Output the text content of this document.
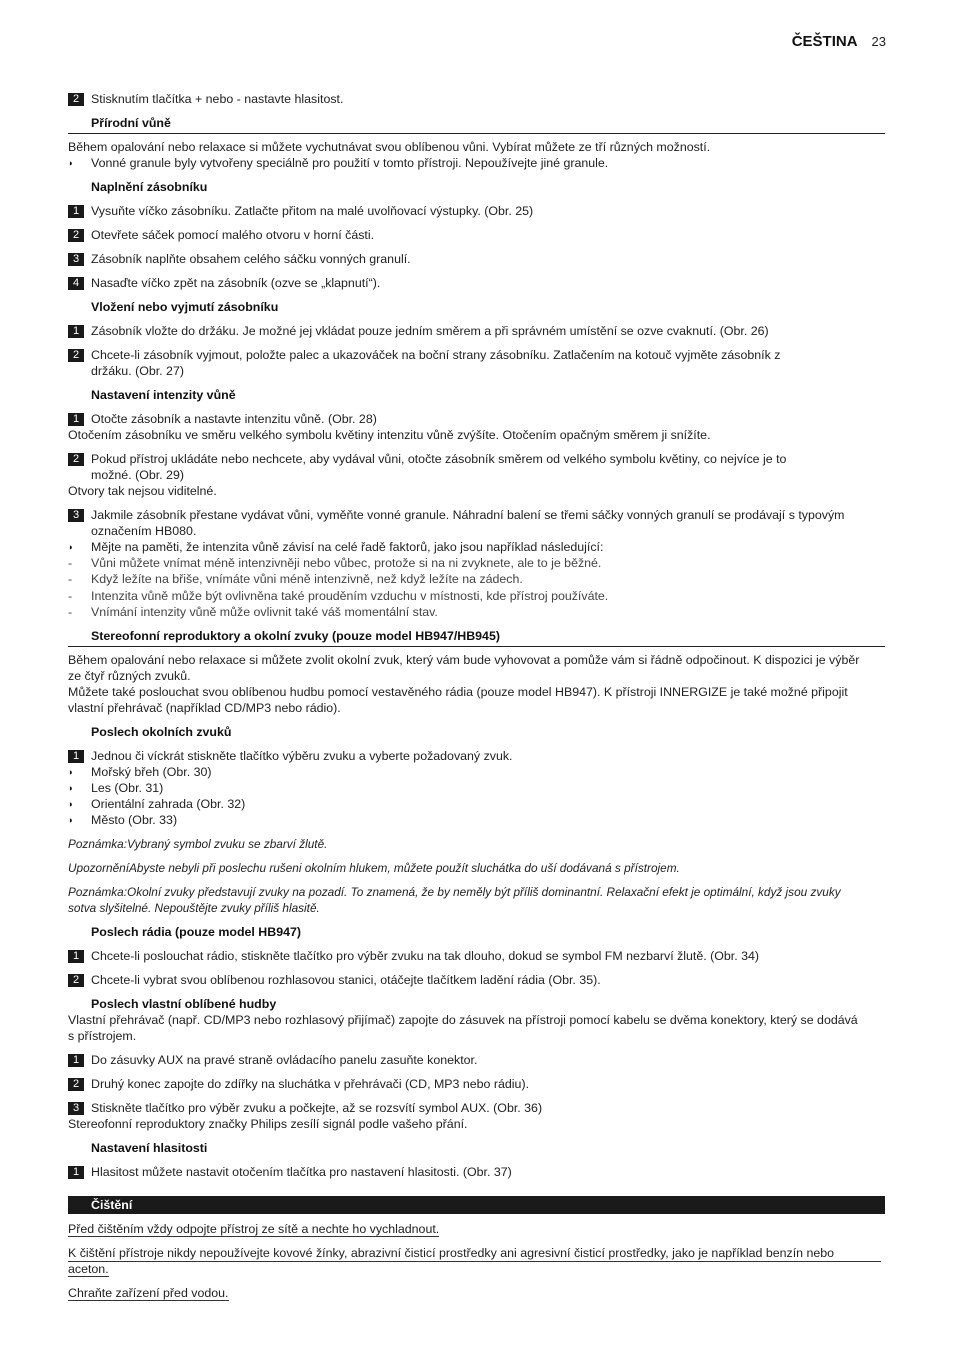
ČEŠTINA 23
2 Stisknutím tlačítka + nebo - nastavte hlasitost.
Přírodní vůně
Během opalování nebo relaxace si můžete vychutnávat svou oblíbenou vůni. Vybírat můžete ze tří různých možností.
◗ Vonné granule byly vytvořeny speciálně pro použití v tomto přístroji. Nepoužívejte jiné granule.
Naplnění zásobníku
1 Vysuňte víčko zásobníku. Zatlačte přitom na malé uvolňovací výstupky. (Obr. 25)
2 Otevřete sáček pomocí malého otvoru v horní části.
3 Zásobník naplňte obsahem celého sáčku vonných granulí.
4 Nasaďte víčko zpět na zásobník (ozve se „klapnutí“).
Vložení nebo vyjmutí zásobníku
1 Zásobník vložte do držáku. Je možné jej vkládat pouze jedním směrem a při správném umístění se ozve cvaknutí. (Obr. 26)
2 Chcete-li zásobník vyjmout, položte palec a ukazováček na boční strany zásobníku. Zatlačením na kotouč vyjměte zásobník z
držáku. (Obr. 27)
Nastavení intenzity vůně
1 Otočte zásobník a nastavte intenzitu vůně. (Obr. 28)
Otočením zásobníku ve směru velkého symbolu květiny intenzitu vůně zvýšíte. Otočením opačným směrem ji snížíte.
2 Pokud přístroj ukládáte nebo nechcete, aby vydával vůni, otočte zásobník směrem od velkého symbolu květiny, co nejvíce je to
možné. (Obr. 29)
Otvory tak nejsou viditelné.
3 Jakmile zásobník přestane vydávat vůni, vyměňte vonné granule. Náhradní balení se třemi sáčky vonných granulí se prodávají s typovým
označením HB080.
◗ Mějte na paměti, že intenzita vůně závisí na celé řadě faktorů, jako jsou například následující:
- Vůni můžete vnímat méně intenzivněji nebo vůbec, protože si na ni zvyknete, ale to je běžné.
- Když ležíte na břiše, vnímáte vůni méně intenzivně, než když ležíte na zádech.
- Intenzita vůně může být ovlivněna také prouděním vzduchu v místnosti, kde přístroj používáte.
- Vnímání intenzity vůně může ovlivnit také váš momentální stav.
Stereofonní reproduktory a okolní zvuky (pouze model HB947/HB945)
Během opalování nebo relaxace si můžete zvolit okolní zvuk, který vám bude vyhovovat a pomůže vám si řádně odpočinout. K dispozici je výběr
ze čtyř různých zvuků.
Můžete také poslouchat svou oblíbenou hudbu pomocí vestavěného rádia (pouze model HB947). K přístroji INNERGIZE je také možné připojit
vlastní přehrávač (například CD/MP3 nebo rádio).
Poslech okolních zvuků
1 Jednou či víckrát stiskněte tlačítko výběru zvuku a vyberte požadovaný zvuk.
◗ Mořský břeh (Obr. 30)
◗ Les (Obr. 31)
◗ Orientální zahrada (Obr. 32)
◗ Město (Obr. 33)
Poznámka:Vybraný symbol zvuku se zbarví žlutě.
UpozorněníAbyste nebyli při poslechu rušeni okolním hlukem, můžete použít sluchátka do uší dodávaná s přístrojem.
Poznámka:Okolní zvuky představují zvuky na pozadí. To znamená, že by neměly být příliš dominantní. Relaxační efekt je optimální, když jsou zvuky
sotva slyšitelné. Nepouštějte zvuky příliš hlasitě.
Poslech rádia (pouze model HB947)
1 Chcete-li poslouchat rádio, stiskněte tlačítko pro výběr zvuku na tak dlouho, dokud se symbol FM nezbarví žlutě. (Obr. 34)
2 Chcete-li vybrat svou oblíbenou rozhlasovou stanici, otáčejte tlačítkem ladění rádia (Obr. 35).
Poslech vlastní oblíbené hudby
Vlastní přehrávač (např. CD/MP3 nebo rozhlasový přijímač) zapojte do zásuvek na přístroji pomocí kabelu se dvěma konektory, který se dodává
s přístrojem.
1 Do zásuvky AUX na pravé straně ovládacího panelu zasuňte konektor.
2 Druhý konec zapojte do zdířky na sluchátka v přehrávači (CD, MP3 nebo rádiu).
3 Stiskněte tlačítko pro výběr zvuku a počkejte, až se rozsvítí symbol AUX. (Obr. 36)
Stereofonní reproduktory značky Philips zesílí signál podle vašeho přání.
Nastavení hlasitosti
1 Hlasitost můžete nastavit otočením tlačítka pro nastavení hlasitosti. (Obr. 37)
Čištění
Před čištěním vždy odpojte přístroj ze sítě a nechte ho vychladnout.
K čištění přístroje nikdy nepoužívejte kovové žínky, abrazivní čisticí prostředky ani agresivní čisticí prostředky, jako je například benzín nebo
aceton.
Chraňte zařízení před vodou.
